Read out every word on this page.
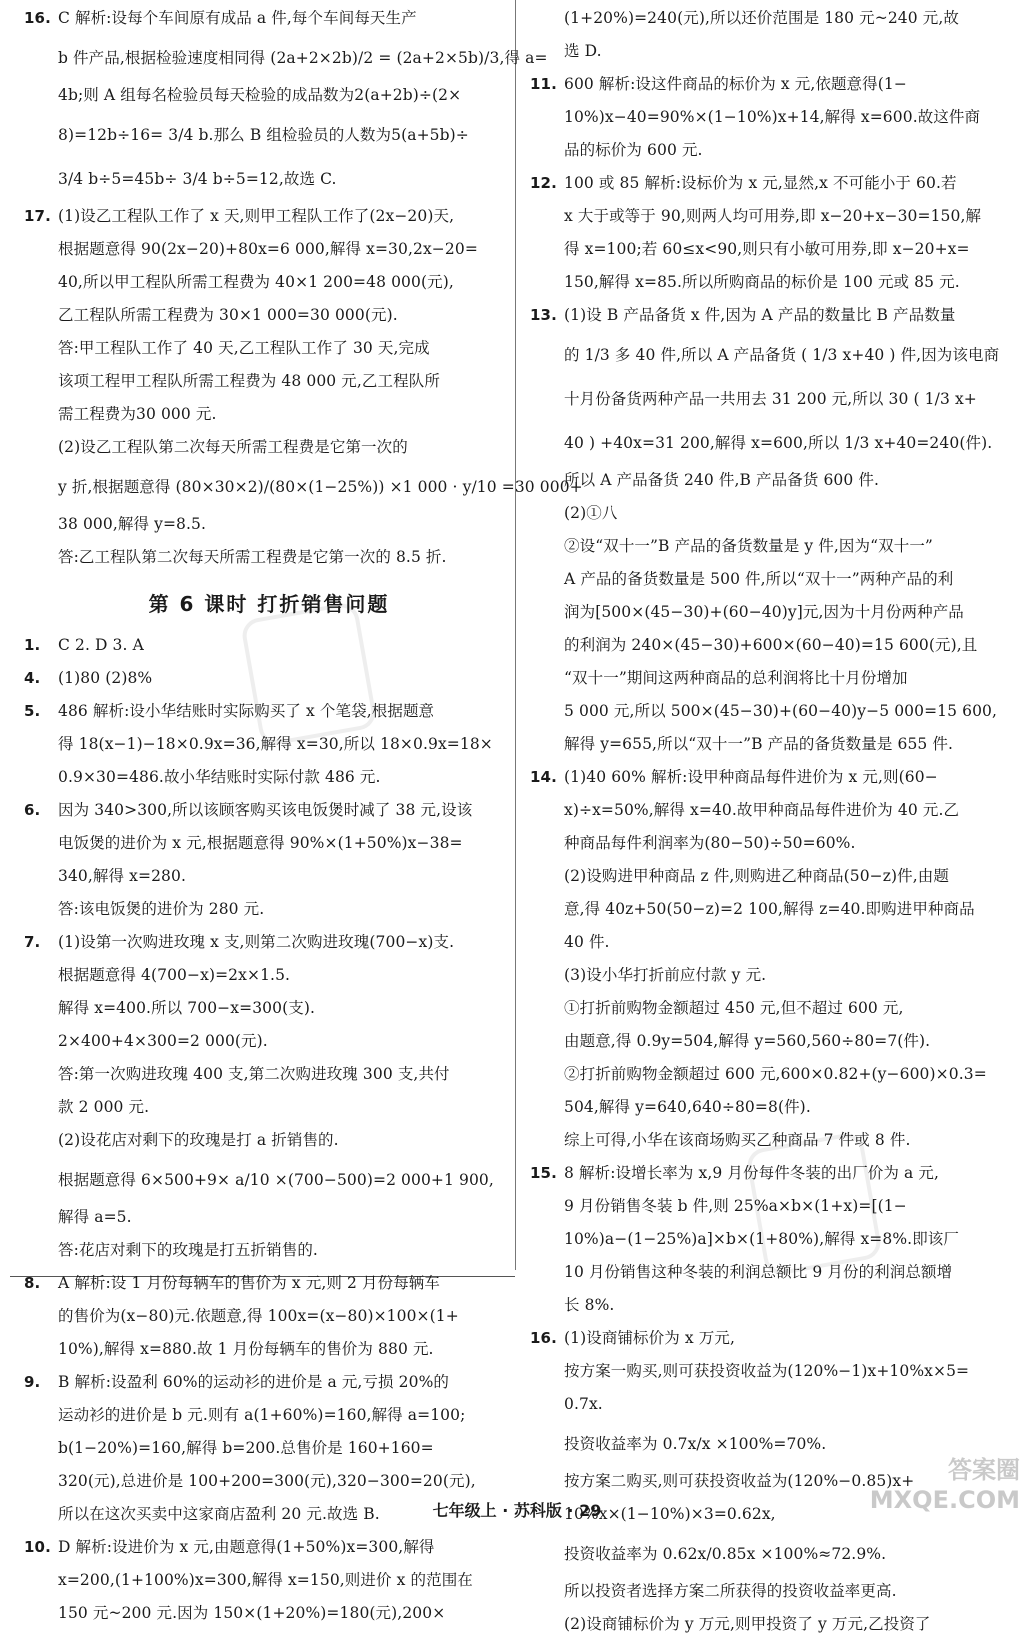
16. C 解析:设每个车间原有成品 a 件,每个车间每天生产
b 件产品,根据检验速度相同得 (2a+2×2b)/2 = (2a+2×5b)/3,得 a=
4b;则 A 组每名检验员每天检验的成品数为2(a+2b)÷(2×
8)=12b÷16= 3/4 b.那么 B 组检验员的人数为5(a+5b)÷
3/4 b÷5=45b÷ 3/4 b÷5=12,故选 C.
17. (1)设乙工程队工作了 x 天,则甲工程队工作了(2x−20)天,
根据题意得 90(2x−20)+80x=6 000,解得 x=30,2x−20=
40,所以甲工程队所需工程费为 40×1 200=48 000(元),
乙工程队所需工程费为 30×1 000=30 000(元).
答:甲工程队工作了 40 天,乙工程队工作了 30 天,完成
该项工程甲工程队所需工程费为 48 000 元,乙工程队所
需工程费为30 000 元.
(2)设乙工程队第二次每天所需工程费是它第一次的
y 折,根据题意得 (80×30×2)/(80×(1−25%)) ×1 000 · y/10 =30 000+
38 000,解得 y=8.5.
答:乙工程队第二次每天所需工程费是它第一次的 8.5 折.
第 6 课时 打折销售问题
1. C 2. D 3. A
4. (1)80 (2)8%
5. 486 解析:设小华结账时实际购买了 x 个笔袋,根据题意
得 18(x−1)−18×0.9x=36,解得 x=30,所以 18×0.9x=18×
0.9×30=486.故小华结账时实际付款 486 元.
6. 因为 340>300,所以该顾客购买该电饭煲时减了 38 元,设该
电饭煲的进价为 x 元,根据题意得 90%×(1+50%)x−38=
340,解得 x=280.
答:该电饭煲的进价为 280 元.
7. (1)设第一次购进玫瑰 x 支,则第二次购进玫瑰(700−x)支.
根据题意得 4(700−x)=2x×1.5.
解得 x=400.所以 700−x=300(支).
2×400+4×300=2 000(元).
答:第一次购进玫瑰 400 支,第二次购进玫瑰 300 支,共付
款 2 000 元.
(2)设花店对剩下的玫瑰是打 a 折销售的.
根据题意得 6×500+9× a/10 ×(700−500)=2 000+1 900,
解得 a=5.
答:花店对剩下的玫瑰是打五折销售的.
8. A 解析:设 1 月份每辆车的售价为 x 元,则 2 月份每辆车
的售价为(x−80)元.依题意,得 100x=(x−80)×100×(1+
10%),解得 x=880.故 1 月份每辆车的售价为 880 元.
9. B 解析:设盈利 60%的运动衫的进价是 a 元,亏损 20%的
运动衫的进价是 b 元.则有 a(1+60%)=160,解得 a=100;
b(1−20%)=160,解得 b=200.总售价是 160+160=
320(元),总进价是 100+200=300(元),320−300=20(元),
所以在这次买卖中这家商店盈利 20 元.故选 B.
10. D 解析:设进价为 x 元,由题意得(1+50%)x=300,解得
x=200,(1+100%)x=300,解得 x=150,则进价 x 的范围在
150 元~200 元.因为 150×(1+20%)=180(元),200×
(1+20%)=240(元),所以还价范围是 180 元~240 元,故
选 D.
11. 600 解析:设这件商品的标价为 x 元,依题意得(1−
10%)x−40=90%×(1−10%)x+14,解得 x=600.故这件商
品的标价为 600 元.
12. 100 或 85 解析:设标价为 x 元,显然,x 不可能小于 60.若
x 大于或等于 90,则两人均可用券,即 x−20+x−30=150,解
得 x=100;若 60≤x<90,则只有小敏可用券,即 x−20+x=
150,解得 x=85.所以所购商品的标价是 100 元或 85 元.
13. (1)设 B 产品备货 x 件,因为 A 产品的数量比 B 产品数量
的 1/3 多 40 件,所以 A 产品备货 ( 1/3 x+40 ) 件,因为该电商
十月份备货两种产品一共用去 31 200 元,所以 30 ( 1/3 x+
40 ) +40x=31 200,解得 x=600,所以 1/3 x+40=240(件).
所以 A 产品备货 240 件,B 产品备货 600 件.
(2)①八
②设“双十一”B 产品的备货数量是 y 件,因为“双十一”
A 产品的备货数量是 500 件,所以“双十一”两种产品的利
润为[500×(45−30)+(60−40)y]元,因为十月份两种产品
的利润为 240×(45−30)+600×(60−40)=15 600(元),且
“双十一”期间这两种商品的总利润将比十月份增加
5 000 元,所以 500×(45−30)+(60−40)y−5 000=15 600,
解得 y=655,所以“双十一”B 产品的备货数量是 655 件.
14. (1)40 60% 解析:设甲种商品每件进价为 x 元,则(60−
x)÷x=50%,解得 x=40.故甲种商品每件进价为 40 元.乙
种商品每件利润率为(80−50)÷50=60%.
(2)设购进甲种商品 z 件,则购进乙种商品(50−z)件,由题
意,得 40z+50(50−z)=2 100,解得 z=40.即购进甲种商品
40 件.
(3)设小华打折前应付款 y 元.
①打折前购物金额超过 450 元,但不超过 600 元,
由题意,得 0.9y=504,解得 y=560,560÷80=7(件).
②打折前购物金额超过 600 元,600×0.82+(y−600)×0.3=
504,解得 y=640,640÷80=8(件).
综上可得,小华在该商场购买乙种商品 7 件或 8 件.
15. 8 解析:设增长率为 x,9 月份每件冬装的出厂价为 a 元,
9 月份销售冬装 b 件,则 25%a×b×(1+x)=[(1−
10%)a−(1−25%)a]×b×(1+80%),解得 x=8%.即该厂
10 月份销售这种冬装的利润总额比 9 月份的利润总额增
长 8%.
16. (1)设商铺标价为 x 万元,
按方案一购买,则可获投资收益为(120%−1)x+10%x×5=
0.7x.
投资收益率为 0.7x/x ×100%=70%.
按方案二购买,则可获投资收益为(120%−0.85)x+
10%x×(1−10%)×3=0.62x,
投资收益率为 0.62x/0.85x ×100%≈72.9%.
所以投资者选择方案二所获得的投资收益率更高.
(2)设商铺标价为 y 万元,则甲投资了 y 万元,乙投资了
七年级上 · 苏科版 · 29
答案圈
MXQE.COM
